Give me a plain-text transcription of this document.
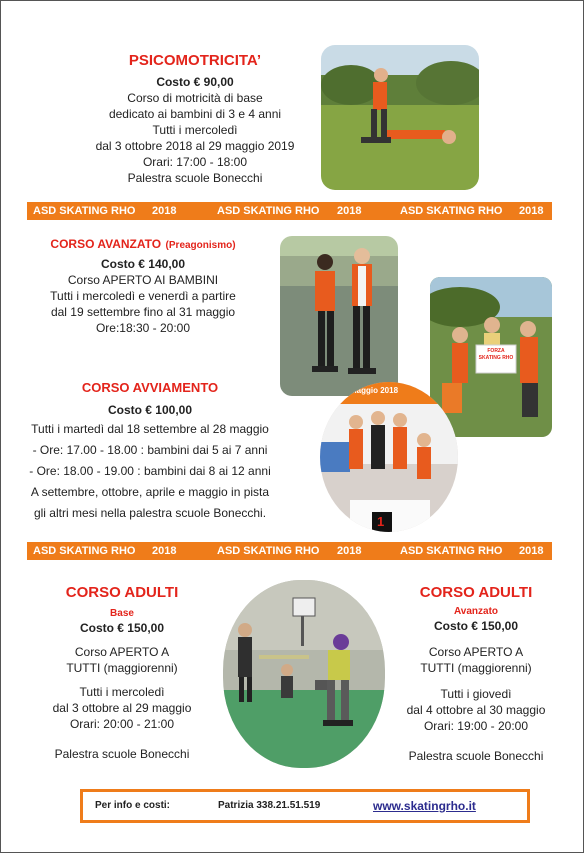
PSICOMOTRICITA’
Costo € 90,00
Corso di motricità di base
dedicato ai bambini di 3 e 4 anni
Tutti i mercoledì
dal 3 ottobre 2018 al 29 maggio 2019
Orari: 17:00 - 18:00
Palestra scuole Bonecchi
ASD SKATING RHO 2018	ASD SKATING RHO 2018	ASD SKATING RHO 2018
CORSO AVANZATO (Preagonismo)
Costo € 140,00
Corso APERTO AI BAMBINI
Tutti i mercoledì e venerdì a partire
dal 19 settembre fino al 31 maggio
Ore:18:30 - 20:00
FORZA SKATING RHO
CORSO AVVIAMENTO
Costo € 100,00
Tutti i martedì dal 18 settembre al 28 maggio
- Ore: 17.00 - 18.00 : bambini dai 5 ai 7 anni
- Ore: 18.00 - 19.00 : bambini dai 8 ai 12 anni
A settembre, ottobre, aprile e maggio in pista
gli altri mesi nella palestra scuole Bonecchi.
Maggio 2018
1
ASD SKATING RHO 2018	ASD SKATING RHO 2018	ASD SKATING RHO 2018
CORSO ADULTI
Base
Costo € 150,00
Corso APERTO A
TUTTI (maggiorenni)
Tutti i mercoledì
dal 3 ottobre al 29 maggio
Orari: 20:00 - 21:00
Palestra scuole Bonecchi
CORSO ADULTI
Avanzato
Costo € 150,00
Corso APERTO A
TUTTI (maggiorenni)
Tutti i giovedì
dal 4 ottobre al 30 maggio
Orari: 19:00 - 20:00
Palestra scuole Bonecchi
Per info e costi:	Patrizia 338.21.51.519	www.skatingrho.it
